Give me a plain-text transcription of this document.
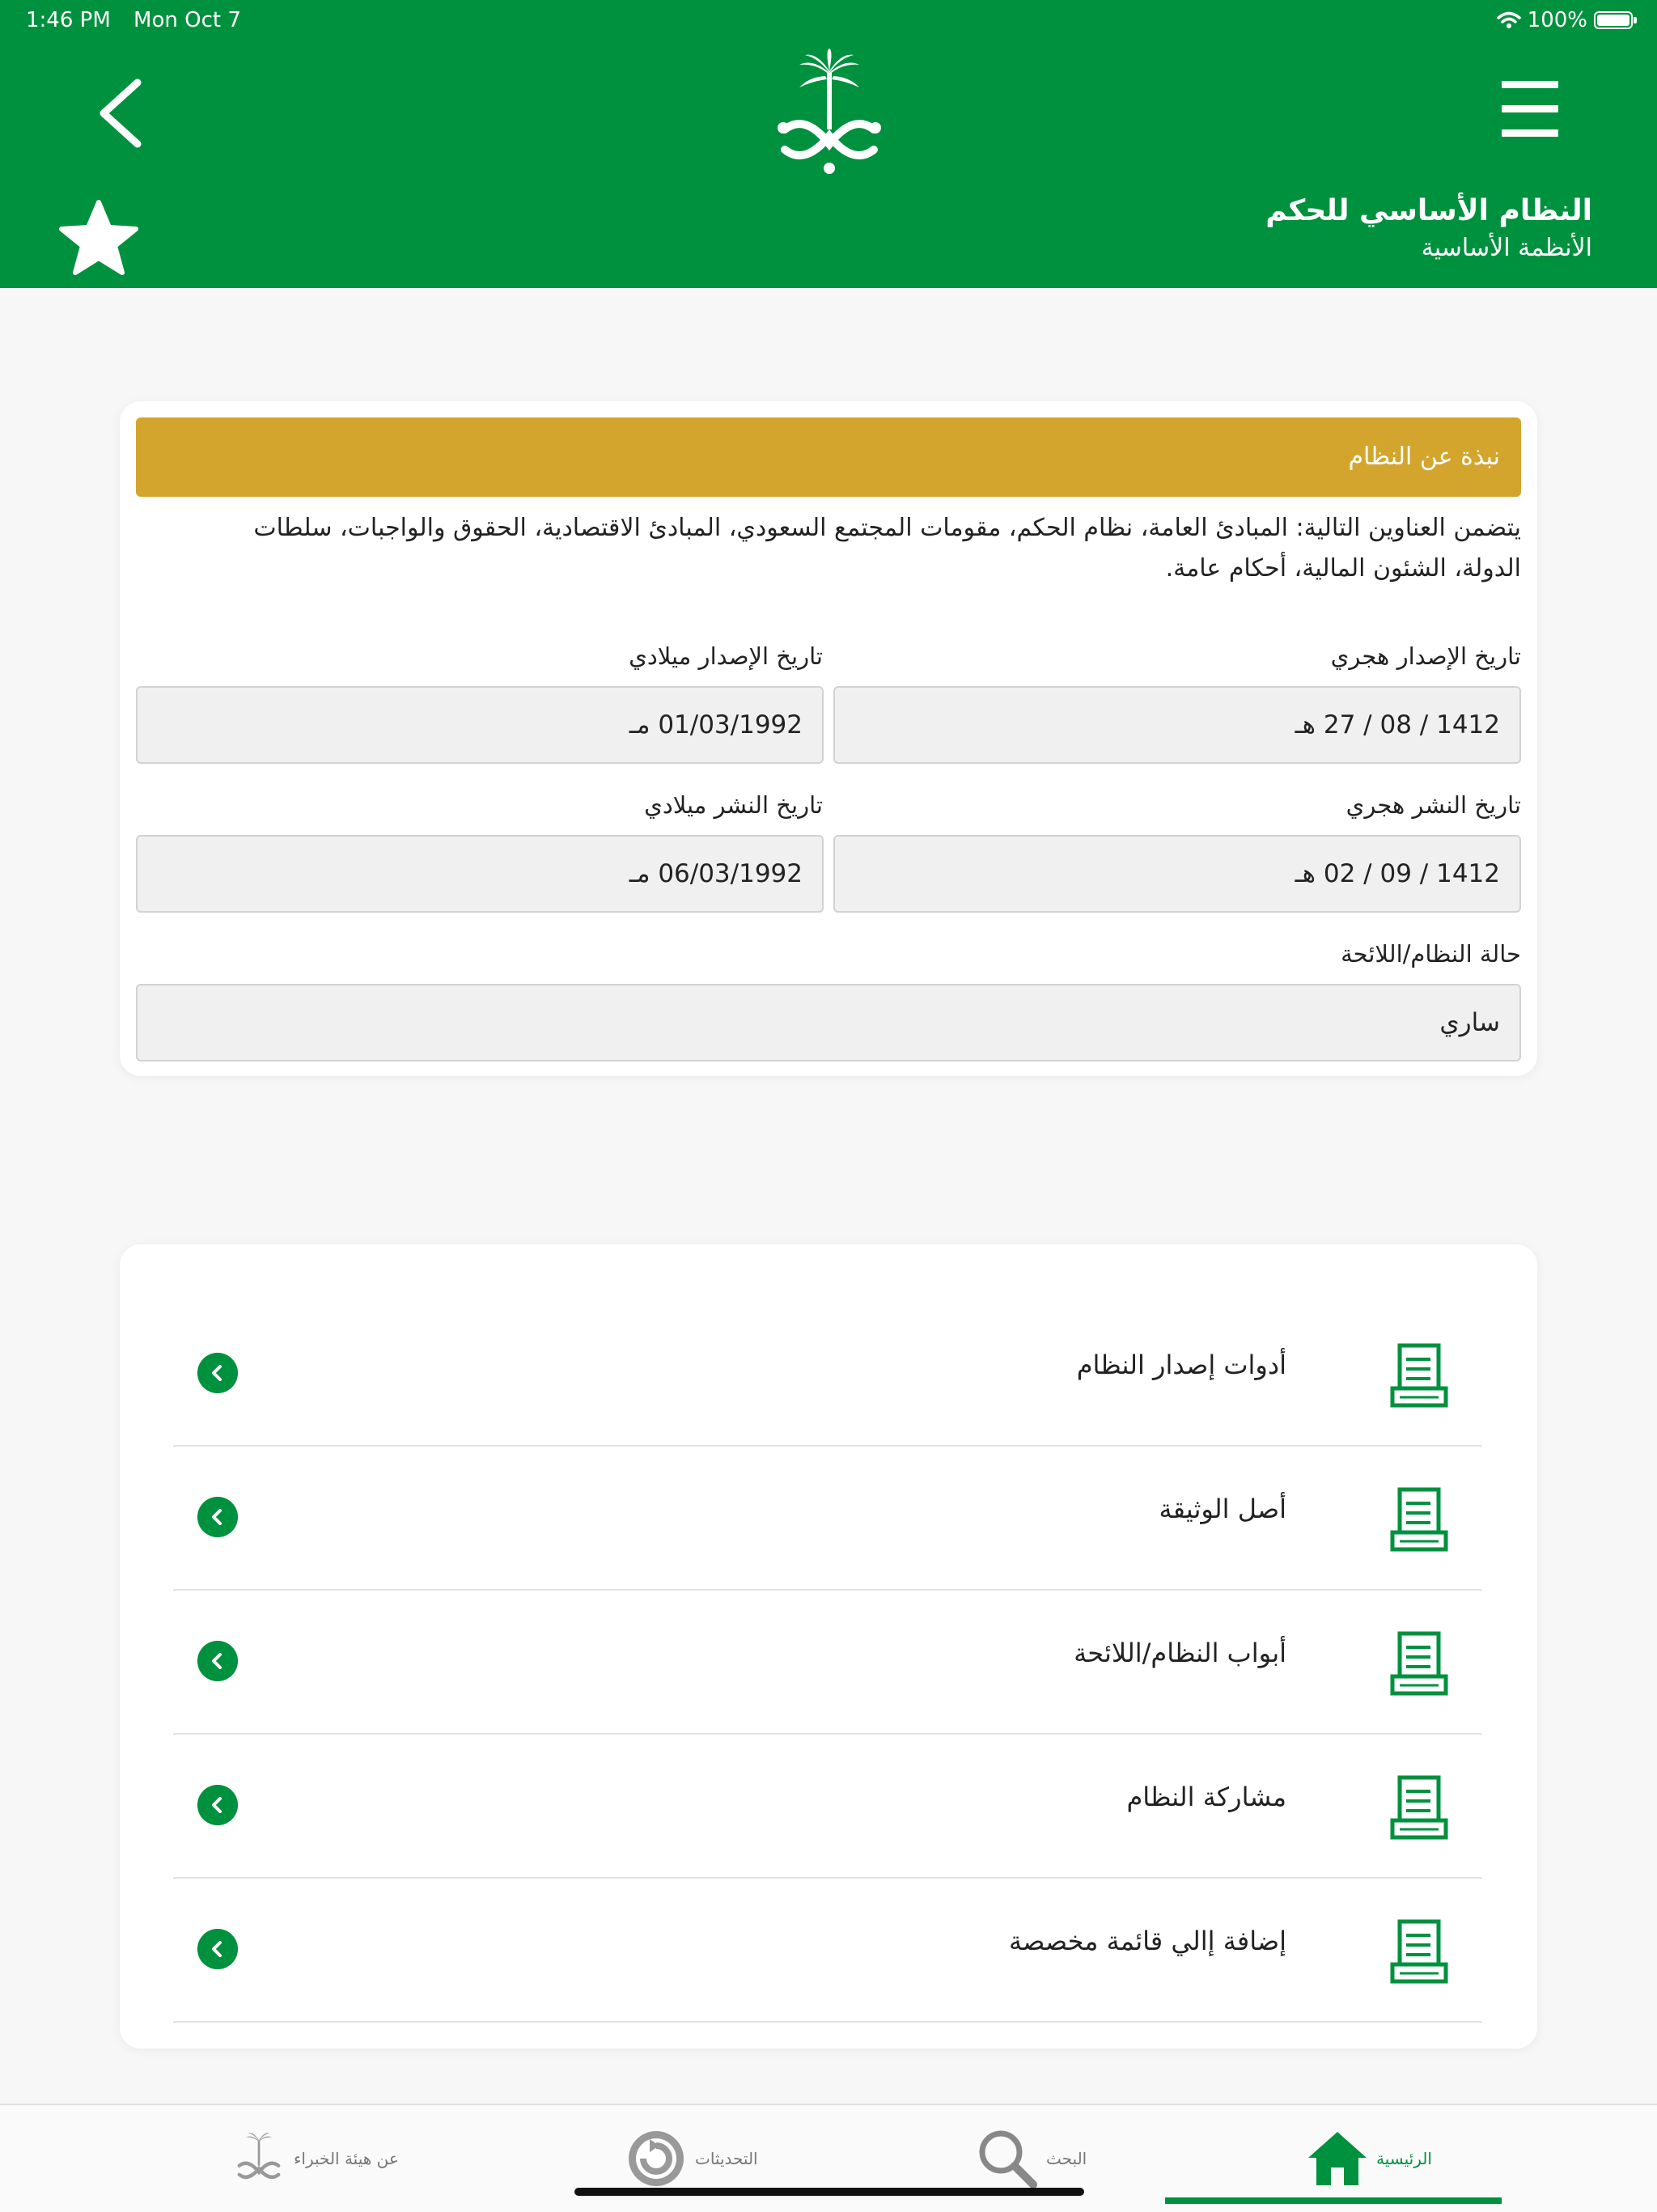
1:46 PM Mon Oct 7	100%
النظام الأساسي للحكم
الأنظمة الأساسية
نبذة عن النظام
يتضمن العناوين التالية: المبادئ العامة، نظام الحكم، مقومات المجتمع السعودي، المبادئ الاقتصادية، الحقوق والواجبات، سلطات الدولة، الشئون المالية، أحكام عامة.
تاريخ الإصدار هجري
تاريخ الإصدار ميلادي
1412 / 08 / 27 هـ
01/03/1992 مـ
تاريخ النشر هجري
تاريخ النشر ميلادي
1412 / 09 / 02 هـ
06/03/1992 مـ
حالة النظام/اللائحة
ساري
أدوات إصدار النظام
أصل الوثيقة
أبواب النظام/اللائحة
مشاركة النظام
إضافة إالي قائمة مخصصة
الرئيسية
البحث
التحديثات
عن هيئة الخبراء
